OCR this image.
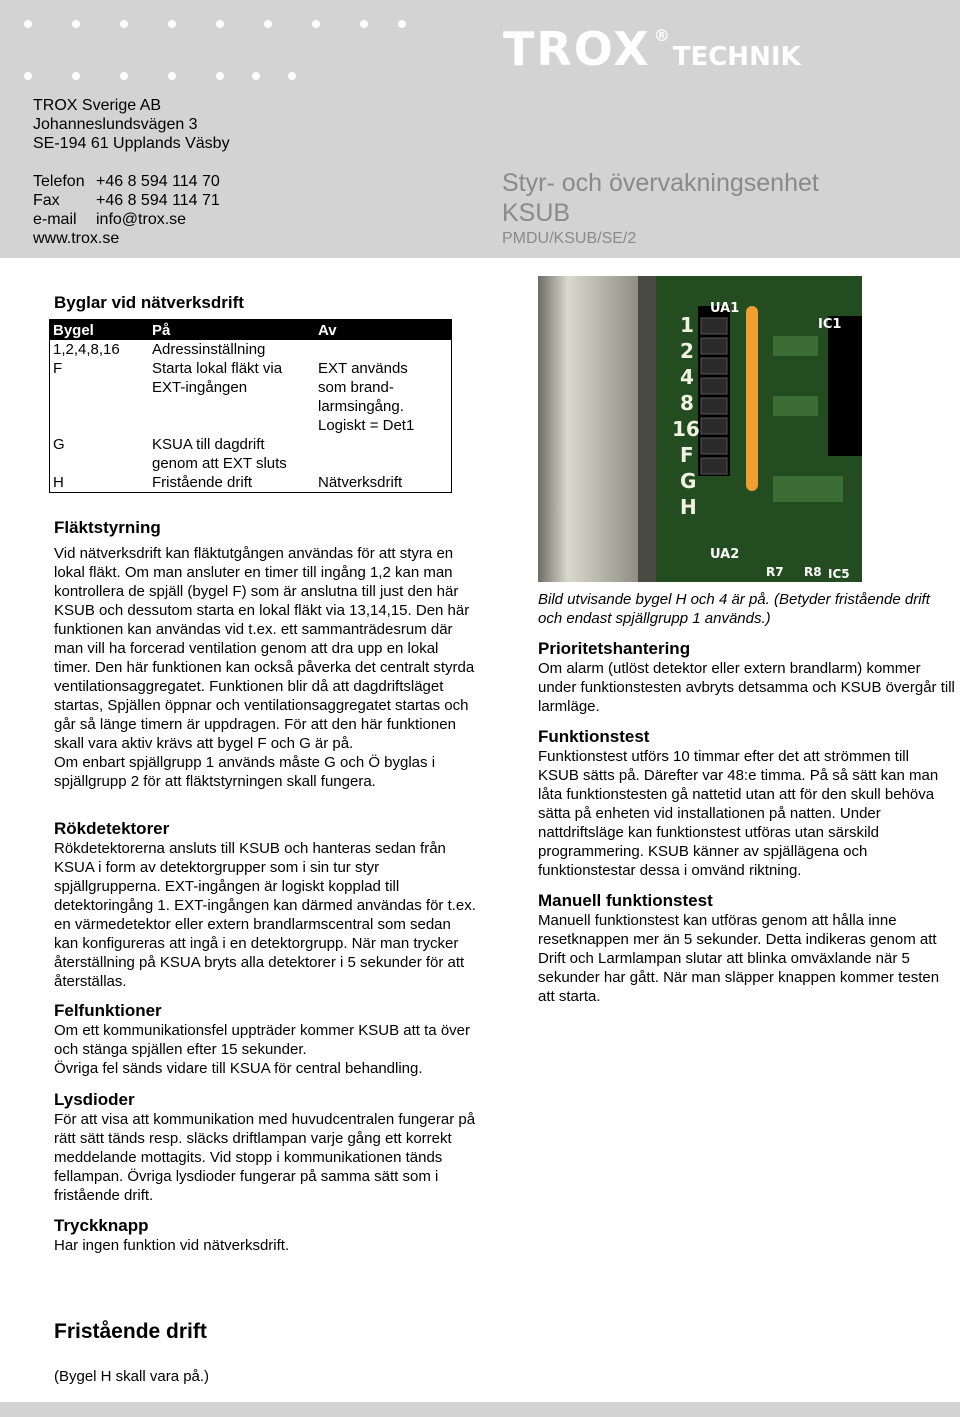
TROX ®TECHNIK
TROX Sverige AB
Johanneslundsvägen 3
SE-194 61 Upplands Väsby
Telefon +46 8 594 114 70
Fax	+46 8 594 114 71
e-mail	info@trox.se
www.trox.se
Styr- och övervakningsenhet
KSUB
PMDU/KSUB/SE/2
Byglar vid nätverksdrift
Bygel	På	Av
1,2,4,8,16	Adressinställning	
F	Starta lokal fläkt via EXT-ingången	EXT används som brand-larmsingång. Logiskt = Det1
G	KSUA till dagdrift genom att EXT sluts	
H	Fristående drift	Nätverksdrift
UA1
IC1
UA2
R7 R8 IC5
1
2
4
8
16
F
G
H
Bild utvisande bygel H och 4 är på. (Betyder fristående drift och endast spjällgrupp 1 används.)
Fläktstyrning

Vid nätverksdrift kan fläktutgången användas för att styra en lokal fläkt. Om man ansluter en timer till ingång 1,2 kan man kontrollera de spjäll (bygel F) som är anslutna till just den här KSUB och dessutom starta en lokal fläkt via 13,14,15. Den här funktionen kan användas vid t.ex. ett sammanträdesrum där man vill ha forcerad ventilation genom att dra upp en lokal timer. Den här funktionen kan också påverka det centralt styrda ventilationsaggregatet. Funktionen blir då att dagdriftsläget startas, Spjällen öppnar och ventilationsaggregatet startas och går så länge timern är uppdragen. För att den här funktionen skall vara aktiv krävs att bygel F och G är på.

Om enbart spjällgrupp 1 används måste G och Ö byglas i spjällgrupp 2 för att fläktstyrningen skall fungera.

Rökdetektorer
Rökdetektorerna ansluts till KSUB och hanteras sedan från KSUA i form av detektorgrupper som i sin tur styr spjällgrupperna. EXT-ingången är logiskt kopplad till detektoringång 1. EXT-ingången kan därmed användas för t.ex. en värmedetektor eller extern brandlarmscentral som sedan kan konfigureras att ingå i en detektorgrupp. När man trycker återställning på KSUA bryts alla detektorer i 5 sekunder för att återställas.
Felfunktioner

Om ett kommunikationsfel uppträder kommer KSUB att ta över och stänga spjällen efter 15 sekunder.

Övriga fel sänds vidare till KSUA för central behandling.

Lysdioder
För att visa att kommunikation med huvudcentralen fungerar på rätt sätt tänds resp. släcks driftlampan varje gång ett korrekt meddelande mottagits. Vid stopp i kommunikationen tänds fellampan. Övriga lysdioder fungerar på samma sätt som i fristående drift.
Tryckknapp
Har ingen funktion vid nätverksdrift.
Prioritetshantering
Om alarm (utlöst detektor eller extern brandlarm) kommer under funktionstesten avbryts detsamma och KSUB övergår till larmläge.
Funktionstest
Funktionstest utförs 10 timmar efter det att strömmen till KSUB sätts på. Därefter var 48:e timma. På så sätt kan man låta funktionstesten gå nattetid utan att för den skull behöva sätta på enheten vid installationen på natten. Under nattdriftsläge kan funktionstest utföras utan särskild programmering. KSUB känner av spjällägena och funktionstestar dessa i omvänd riktning.
Manuell funktionstest
Manuell funktionstest kan utföras genom att hålla inne resetknappen mer än 5 sekunder. Detta indikeras genom att Drift och Larmlampan slutar att blinka omväxlande när 5 sekunder har gått. När man släpper knappen kommer testen att starta.
Fristående drift
(Bygel H skall vara på.)
